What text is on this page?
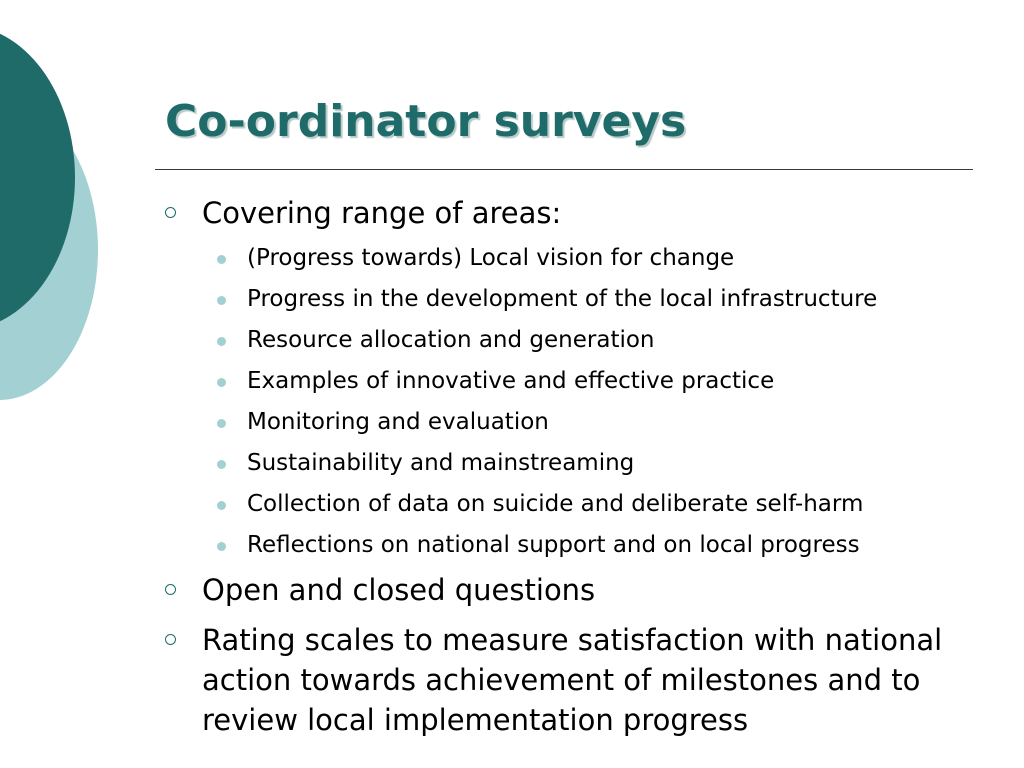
Co-ordinator surveys
Covering range of areas:
(Progress towards) Local vision for change
Progress in the development of the local infrastructure
Resource allocation and generation
Examples of innovative and effective practice
Monitoring and evaluation
Sustainability and mainstreaming
Collection of data on suicide and deliberate self-harm
Reflections on national support and on local progress
Open and closed questions
Rating scales to measure satisfaction with national action towards achievement of milestones and to review local implementation progress
